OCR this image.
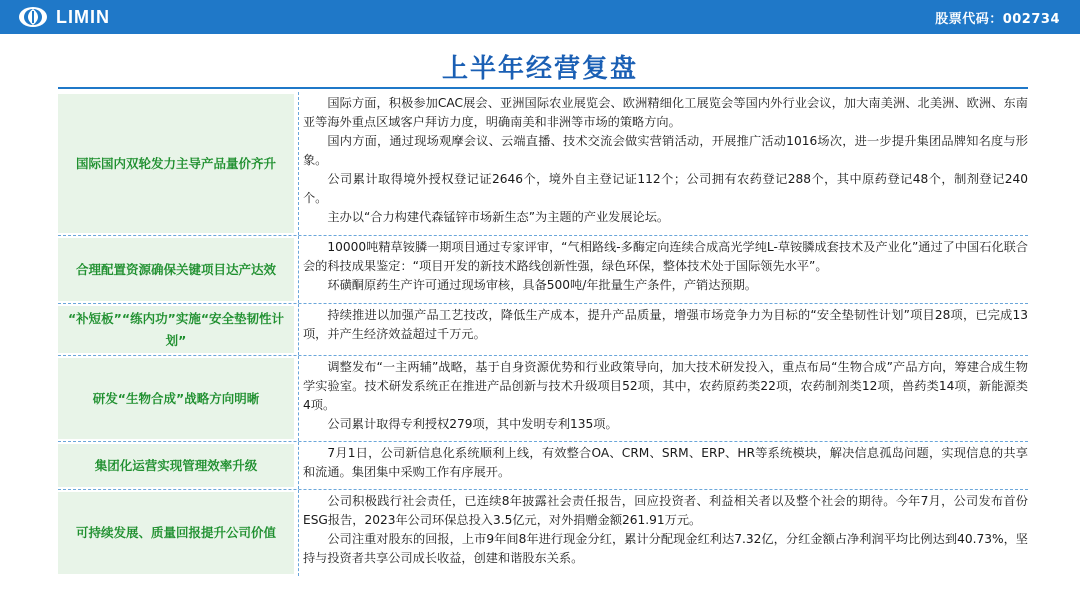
LIMIN	股票代码：002734
上半年经营复盘
国际国内双轮发力主导产品量价齐升

国际方面，积极参加CAC展会、亚洲国际农业展览会、欧洲精细化工展览会等国内外行业会议，加大南美洲、北美洲、欧洲、东南亚等海外重点区域客户拜访力度，明确南美和非洲等市场的策略方向。

国内方面，通过现场观摩会议、云端直播、技术交流会做实营销活动，开展推广活动1016场次，进一步提升集团品牌知名度与形象。

公司累计取得境外授权登记证2646个，境外自主登记证112个；公司拥有农药登记288个，其中原药登记48个，制剂登记240个。

主办以“合力构建代森锰锌市场新生态”为主题的产业发展论坛。

合理配置资源确保关键项目达产达效

10000吨精草铵膦一期项目通过专家评审，“气相路线-多酶定向连续合成高光学纯L-草铵膦成套技术及产业化”通过了中国石化联合会的科技成果鉴定：“项目开发的新技术路线创新性强，绿色环保，整体技术处于国际领先水平”。

环磺酮原药生产许可通过现场审核，具备500吨/年批量生产条件，产销达预期。

“补短板”“练内功”实施“安全垫韧性计划”

持续推进以加强产品工艺技改，降低生产成本，提升产品质量，增强市场竞争力为目标的“安全垫韧性计划”项目28项，已完成13项，并产生经济效益超过千万元。

研发“生物合成”战略方向明晰

调整发布“一主两辅”战略，基于自身资源优势和行业政策导向，加大技术研发投入，重点布局“生物合成”产品方向，筹建合成生物学实验室。技术研发系统正在推进产品创新与技术升级项目52项，其中，农药原药类22项，农药制剂类12项，兽药类14项，新能源类4项。

公司累计取得专利授权279项，其中发明专利135项。

集团化运营实现管理效率升级

7月1日，公司新信息化系统顺利上线，有效整合OA、CRM、SRM、ERP、HR等系统模块，解决信息孤岛问题，实现信息的共享和流通。集团集中采购工作有序展开。

可持续发展、质量回报提升公司价值

公司积极践行社会责任，已连续8年披露社会责任报告，回应投资者、利益相关者以及整个社会的期待。今年7月，公司发布首份ESG报告，2023年公司环保总投入3.5亿元，对外捐赠金额261.91万元。

公司注重对股东的回报，上市9年间8年进行现金分红，累计分配现金红利达7.32亿，分红金额占净利润平均比例达到40.73%，坚持与投资者共享公司成长收益，创建和谐股东关系。
